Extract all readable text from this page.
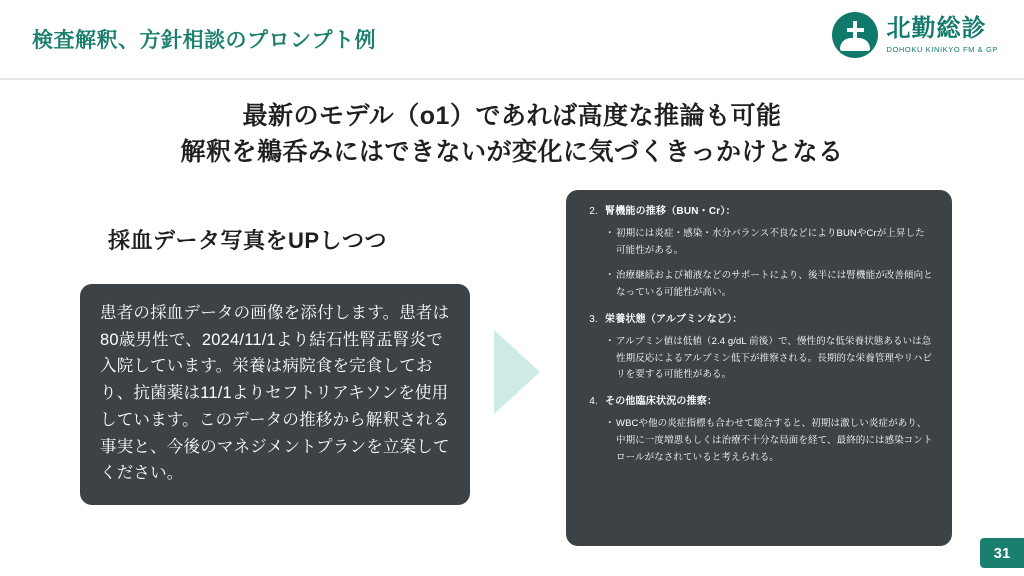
検査解釈、方針相談のプロンプト例	北勤総診
DOHOKU KINIKYO FM & GP
最新のモデル（o1）であれば高度な推論も可能
解釈を鵜呑みにはできないが変化に気づくきっかけとなる
採血データ写真をUPしつつ
患者の採血データの画像を添付します。患者は80歳男性で、2024/11/1より結石性腎盂腎炎で入院しています。栄養は病院食を完食しており、抗菌薬は11/1よりセフトリアキソンを使用しています。このデータの推移から解釈される事実と、今後のマネジメントプランを立案してください。
2. 腎機能の推移（BUN・Cr）：
・ 初期には炎症・感染・水分バランス不良などによりBUNやCrが上昇した可能性がある。
・ 治療継続および補液などのサポートにより、後半には腎機能が改善傾向となっている可能性が高い。
3. 栄養状態（アルブミンなど）：
・ アルブミン値は低値（2.4 g/dL 前後）で、慢性的な低栄養状態あるいは急性期反応によるアルブミン低下が推察される。長期的な栄養管理やリハビリを要する可能性がある。
4. その他臨床状況の推察：
・ WBCや他の炎症指標も合わせて総合すると、初期は激しい炎症があり、中期に一度増悪もしくは治療不十分な局面を経て、最終的には感染コントロールがなされていると考えられる。
31
